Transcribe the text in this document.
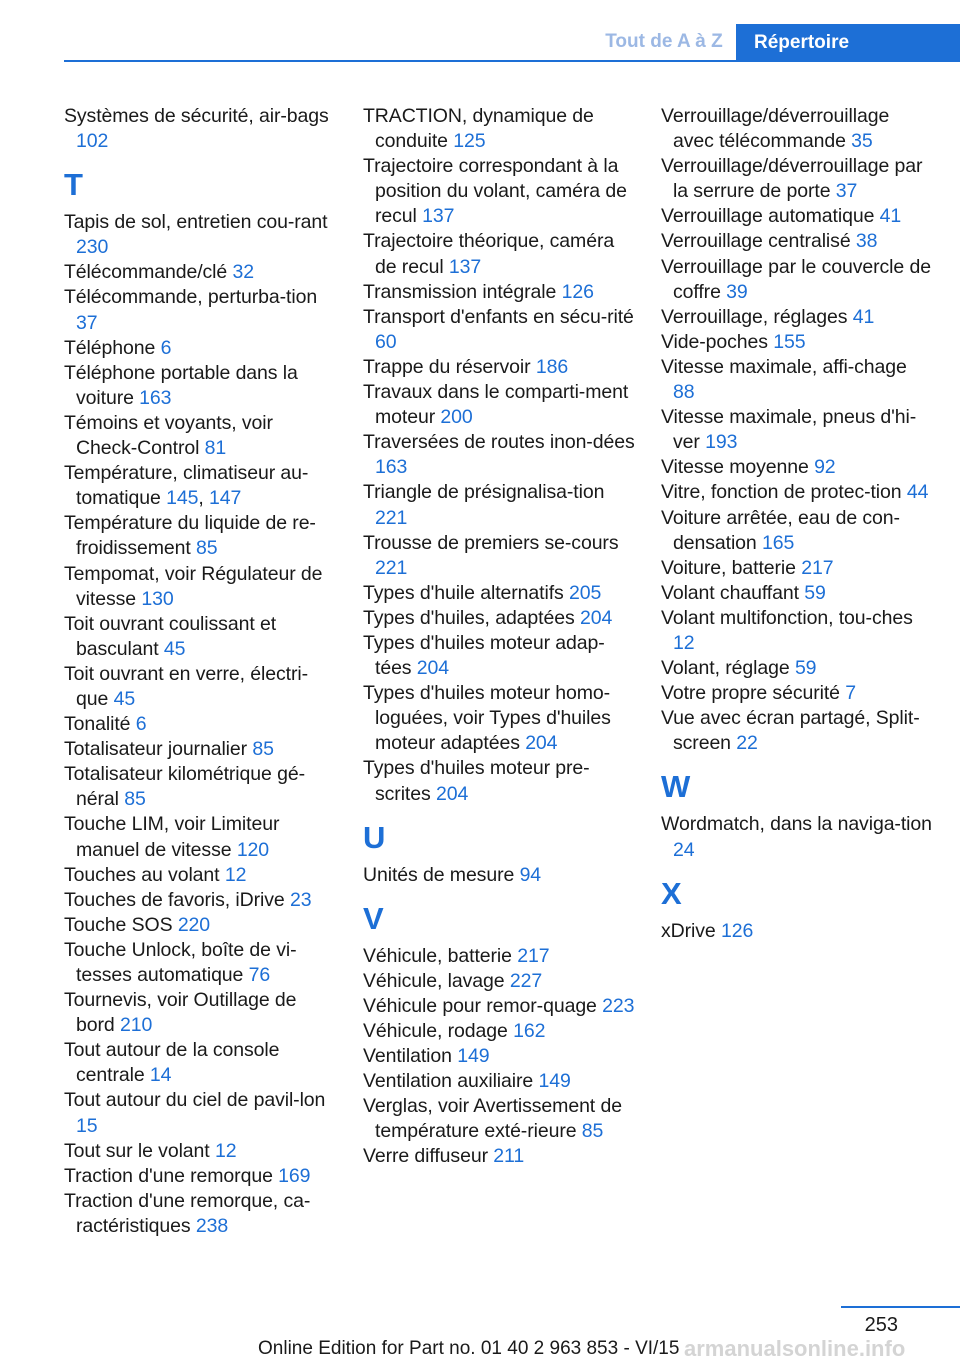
Tout de A à Z	Répertoire
Systèmes de sécurité, air-bags 102
T
Tapis de sol, entretien cou-rant 230
Télécommande/clé 32
Télécommande, perturba-tion 37
Téléphone 6
Téléphone portable dans la voiture 163
Témoins et voyants, voir Check-Control 81
Température, climatiseur au-tomatique 145, 147
Température du liquide de re-froidissement 85
Tempomat, voir Régulateur de vitesse 130
Toit ouvrant coulissant et basculant 45
Toit ouvrant en verre, électri-que 45
Tonalité 6
Totalisateur journalier 85
Totalisateur kilométrique gé-néral 85
Touche LIM, voir Limiteur manuel de vitesse 120
Touches au volant 12
Touches de favoris, iDrive 23
Touche SOS 220
Touche Unlock, boîte de vi-tesses automatique 76
Tournevis, voir Outillage de bord 210
Tout autour de la console centrale 14
Tout autour du ciel de pavil-lon 15
Tout sur le volant 12
Traction d'une remorque 169
Traction d'une remorque, ca-ractéristiques 238
TRACTION, dynamique de conduite 125
Trajectoire correspondant à la position du volant, caméra de recul 137
Trajectoire théorique, caméra de recul 137
Transmission intégrale 126
Transport d'enfants en sécu-rité 60
Trappe du réservoir 186
Travaux dans le comparti-ment moteur 200
Traversées de routes inon-dées 163
Triangle de présignalisa-tion 221
Trousse de premiers se-cours 221
Types d'huile alternatifs 205
Types d'huiles, adaptées 204
Types d'huiles moteur adap-tées 204
Types d'huiles moteur homo-loguées, voir Types d'huiles moteur adaptées 204
Types d'huiles moteur pre-scrites 204
U
Unités de mesure 94
V
Véhicule, batterie 217
Véhicule, lavage 227
Véhicule pour remor-quage 223
Véhicule, rodage 162
Ventilation 149
Ventilation auxiliaire 149
Verglas, voir Avertissement de température exté-rieure 85
Verre diffuseur 211
Verrouillage/déverrouillage avec télécommande 35
Verrouillage/déverrouillage par la serrure de porte 37
Verrouillage automatique 41
Verrouillage centralisé 38
Verrouillage par le couvercle de coffre 39
Verrouillage, réglages 41
Vide-poches 155
Vitesse maximale, affi-chage 88
Vitesse maximale, pneus d'hi-ver 193
Vitesse moyenne 92
Vitre, fonction de protec-tion 44
Voiture arrêtée, eau de con-densation 165
Voiture, batterie 217
Volant chauffant 59
Volant multifonction, tou-ches 12
Volant, réglage 59
Votre propre sécurité 7
Vue avec écran partagé, Split-screen 22
W
Wordmatch, dans la naviga-tion 24
X
xDrive 126
253
Online Edition for Part no. 01 40 2 963 853 - VI/15 armanualsonline.info
